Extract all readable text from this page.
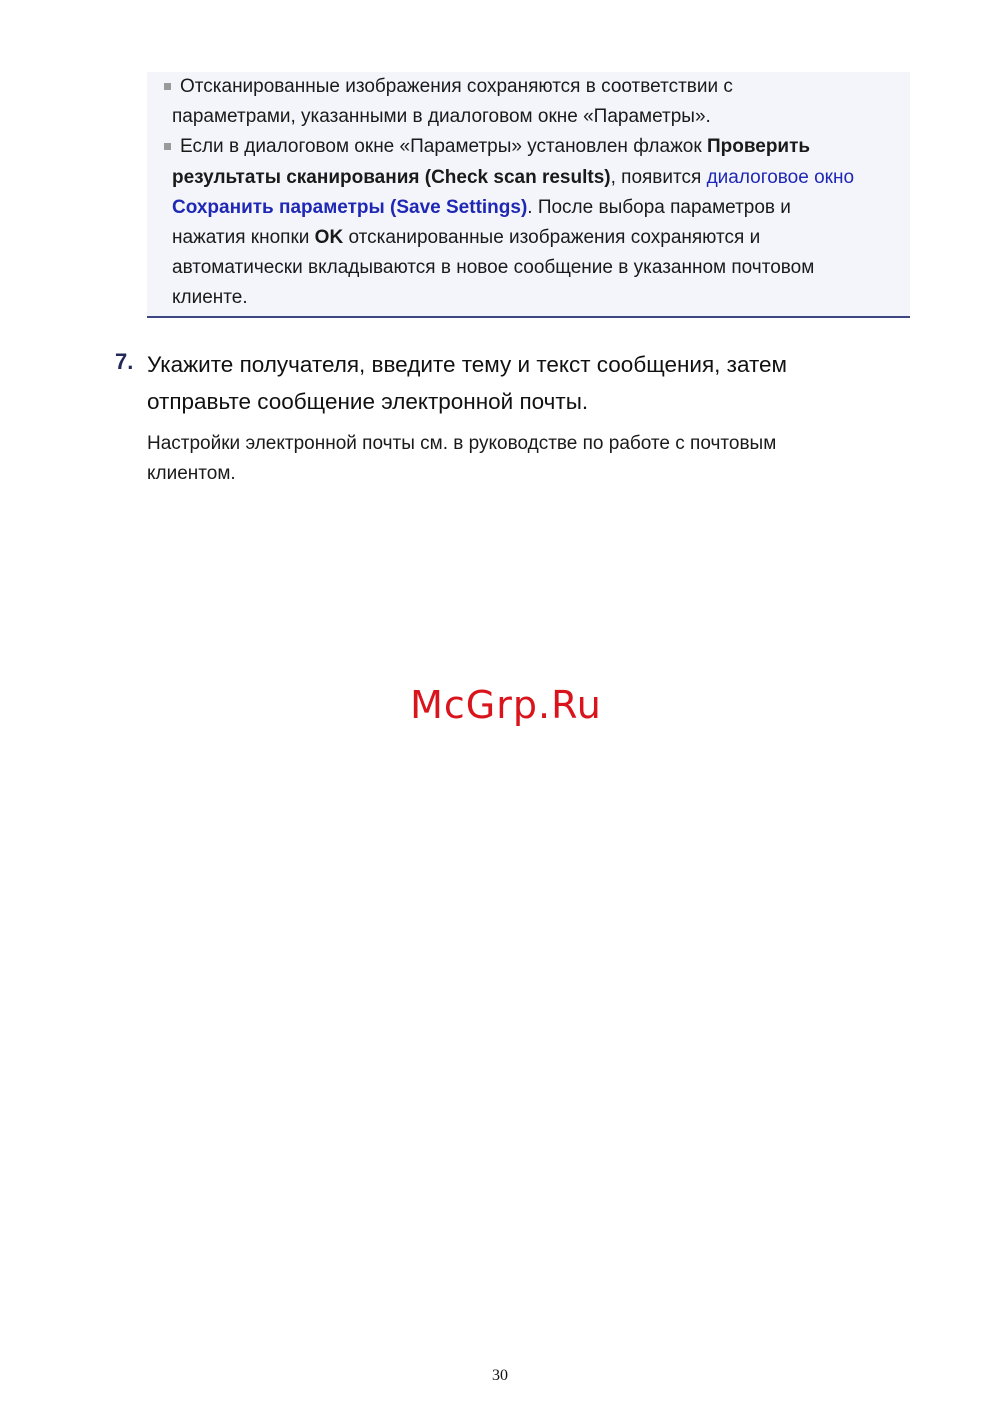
Отсканированные изображения сохраняются в соответствии с
параметрами, указанными в диалоговом окне «Параметры».
Если в диалоговом окне «Параметры» установлен флажок Проверить
результаты сканирования (Check scan results), появится диалоговое окно
Сохранить параметры (Save Settings). После выбора параметров и
нажатия кнопки OK отсканированные изображения сохраняются и
автоматически вкладываются в новое сообщение в указанном почтовом
клиенте.
7. Укажите получателя, введите тему и текст сообщения, затем
отправьте сообщение электронной почты.
Настройки электронной почты см. в руководстве по работе с почтовым
клиентом.
McGrp.Ru
30
